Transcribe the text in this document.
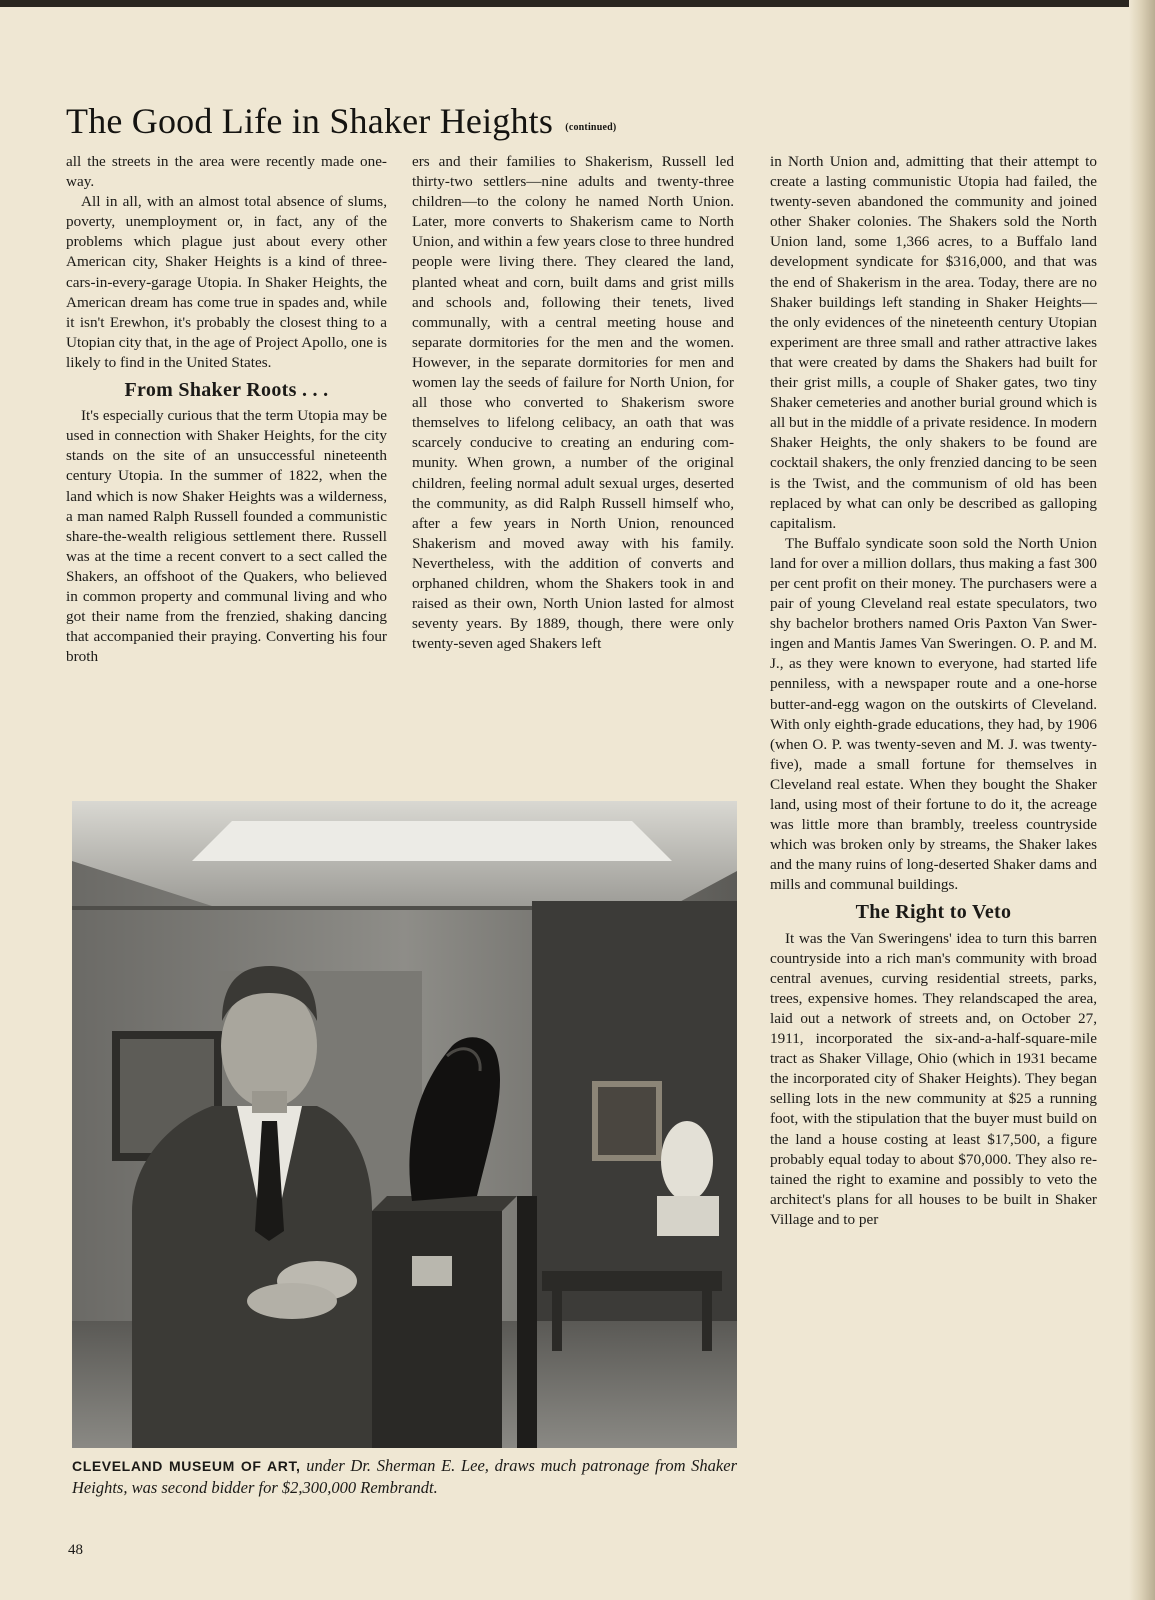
The Good Life in Shaker Heights (continued)

all the streets in the area were recently made one-way.

All in all, with an almost total absence of slums, poverty, unemployment or, in fact, any of the problems which plague just about every other American city, Shaker Heights is a kind of three-cars-in-every-garage Utopia. In Shaker Heights, the American dream has come true in spades and, while it isn't Erewhon, it's probably the closest thing to a Utopian city that, in the age of Project Apollo, one is likely to find in the United States.

From Shaker Roots . . .

It's especially curious that the term Utopia may be used in connection with Shaker Heights, for the city stands on the site of an unsuccessful nineteenth century Utopia. In the summer of 1822, when the land which is now Shaker Heights was a wilderness, a man named Ralph Russell founded a communistic share-the-wealth religious settlement there. Russell was at the time a recent convert to a sect called the Shakers, an offshoot of the Quakers, who believed in common property and communal living and who got their name from the frenzied, shaking dancing that accompanied their praying. Converting his four broth

ers and their families to Shakerism, Russell led thirty-two settlers—nine adults and twenty-three children—to the colony he named North Union. Later, more converts to Shakerism came to North Union, and within a few years close to three hundred people were living there. They cleared the land, planted wheat and corn, built dams and grist mills and schools and, following their tenets, lived communally, with a central meeting house and separate dormitories for the men and the women. However, in the separate dormitories for men and women lay the seeds of failure for North Union, for all those who converted to Shakerism swore themselves to lifelong celibacy, an oath that was scarcely conducive to creating an enduring community. When grown, a number of the original children, feeling normal adult sexual urges, deserted the community, as did Ralph Russell himself who, after a few years in North Union, renounced Shakerism and moved away with his family. Nevertheless, with the addition of converts and orphaned children, whom the Shakers took in and raised as their own, North Union lasted for almost seventy years. By 1889, though, there were only twenty-seven aged Shakers left

in North Union and, admitting that their attempt to create a lasting communistic Utopia had failed, the twenty-seven abandoned the community and joined other Shaker colonies. The Shakers sold the North Union land, some 1,366 acres, to a Buffalo land development syndicate for $316,000, and that was the end of Shakerism in the area. Today, there are no Shaker buildings left standing in Shaker Heights—the only evidences of the nineteenth century Utopian experiment are three small and rather attractive lakes that were created by dams the Shakers had built for their grist mills, a couple of Shaker gates, two tiny Shaker cemeteries and another burial ground which is all but in the middle of a private residence. In modern Shaker Heights, the only shakers to be found are cocktail shakers, the only frenzied dancing to be seen is the Twist, and the communism of old has been replaced by what can only be described as galloping capitalism.

The Buffalo syndicate soon sold the North Union land for over a million dollars, thus making a fast 300 per cent profit on their money. The purchasers were a pair of young Cleveland real estate speculators, two shy bachelor brothers named Oris Paxton Van Sweringen and Mantis James Van Sweringen. O. P. and M. J., as they were known to everyone, had started life penniless, with a newspaper route and a one-horse butter-and-egg wagon on the outskirts of Cleveland. With only eighth-grade educations, they had, by 1906 (when O. P. was twenty-seven and M. J. was twenty-five), made a small fortune for themselves in Cleveland real estate. When they bought the Shaker land, using most of their fortune to do it, the acreage was little more than brambly, treeless countryside which was broken only by streams, the Shaker lakes and the many ruins of long-deserted Shaker dams and mills and communal buildings.

The Right to Veto

It was the Van Sweringens' idea to turn this barren countryside into a rich man's community with broad central avenues, curving residential streets, parks, trees, expensive homes. They relandscaped the area, laid out a network of streets and, on October 27, 1911, incorporated the six-and-a-half-square-mile tract as Shaker Village, Ohio (which in 1931 became the incorporated city of Shaker Heights). They began selling lots in the new community at $25 a running foot, with the stipulation that the buyer must build on the land a house costing at least $17,500, a figure probably equal today to about $70,000. They also retained the right to examine and possibly to veto the architect's plans for all houses to be built in Shaker Village and to per

CLEVELAND MUSEUM OF ART, under Dr. Sherman E. Lee, draws much patronage from Shaker Heights, was second bidder for $2,300,000 Rembrandt.
48
